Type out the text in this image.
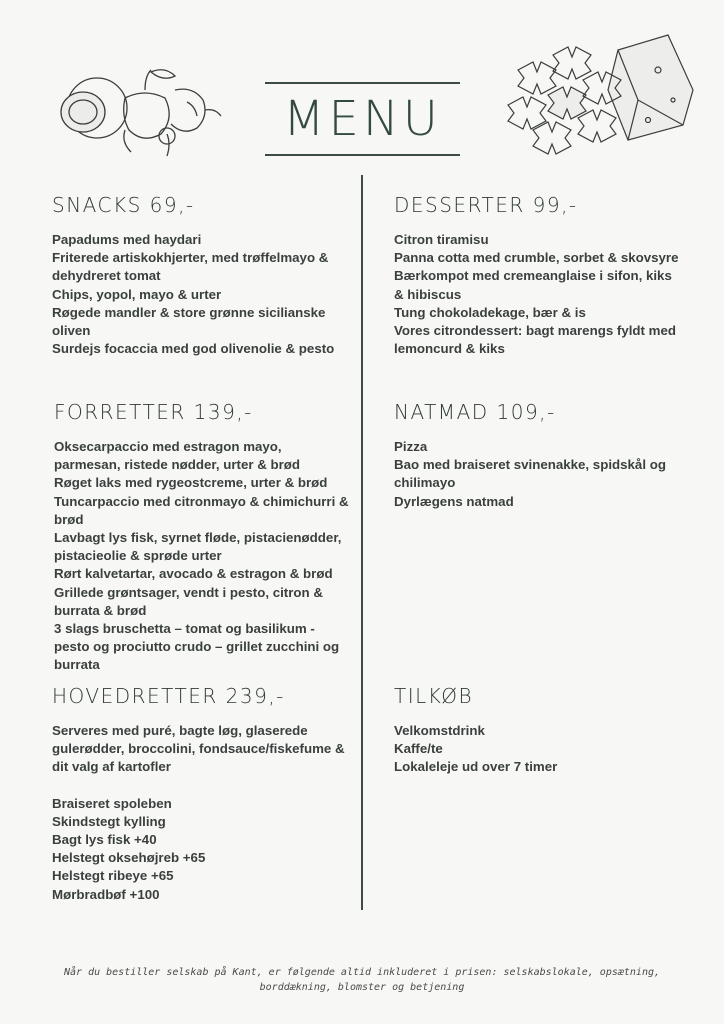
MENU
SNACKS 69,-
Papadums med haydari
Friterede artiskokhjerter, med trøffelmayo & dehydreret tomat
Chips, yopol, mayo & urter
Røgede mandler & store grønne sicilianske oliven
Surdejs focaccia med god olivenolie & pesto
FORRETTER 139,-
Oksecarpaccio med estragon mayo, parmesan, ristede nødder, urter & brød
Røget laks med rygeostcreme, urter & brød
Tuncarpaccio med citronmayo & chimichurri & brød
Lavbagt lys fisk, syrnet fløde, pistacienødder, pistacieolie & sprøde urter
Rørt kalvetartar, avocado & estragon & brød
Grillede grøntsager, vendt i pesto, citron & burrata & brød
3 slags bruschetta – tomat og basilikum - pesto og prociutto crudo – grillet zucchini og burrata
HOVEDRETTER 239,-
Serveres med puré, bagte løg, glaserede gulerødder, broccolini, fondsauce/fiskefume & dit valg af kartofler
Braiseret spoleben
Skindstegt kylling
Bagt lys fisk +40
Helstegt oksehøjreb +65
Helstegt ribeye +65
Mørbradbøf +100
DESSERTER 99,-
Citron tiramisu
Panna cotta med crumble, sorbet & skovsyre
Bærkompot med cremeanglaise i sifon, kiks & hibiscus
Tung chokoladekage, bær & is
Vores citrondessert: bagt marengs fyldt med lemoncurd & kiks
NATMAD 109,-
Pizza
Bao med braiseret svinenakke, spidskål og chilimayo
Dyrlægens natmad
TILKØB
Velkomstdrink
Kaffe/te
Lokaleleje ud over 7 timer
Når du bestiller selskab på Kant, er følgende altid inkluderet i prisen: selskabslokale, opsætning, borddækning, blomster og betjening
